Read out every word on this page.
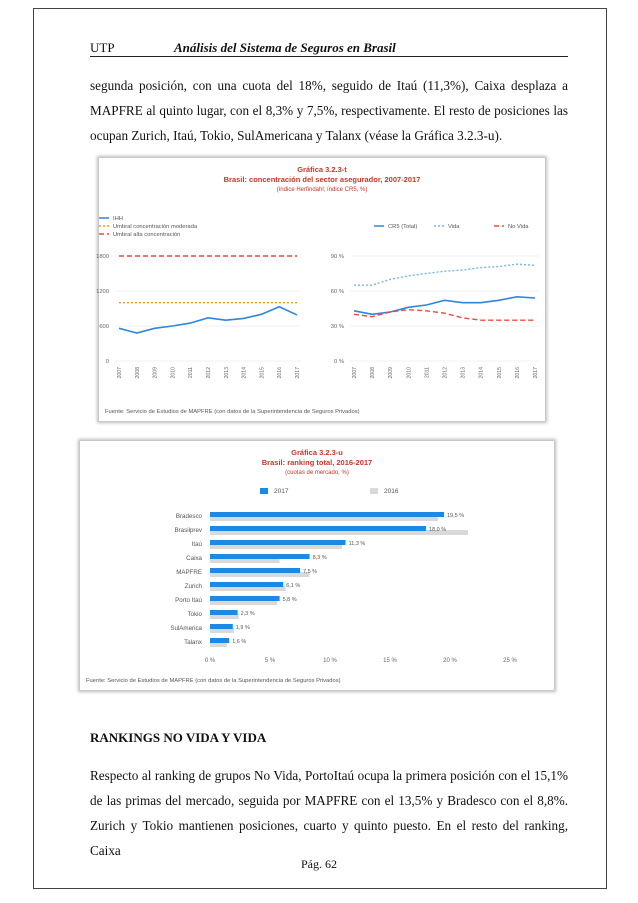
UTP	Análisis del Sistema de Seguros en Brasil
segunda posición, con una cuota del 18%, seguido de Itaú (11,3%), Caixa desplaza a
MAPFRE al quinto lugar, con el 8,3% y 7,5%, respectivamente. El resto de posiciones las
ocupan Zurich, Itaú, Tokio, SulAmericana y Talanx (véase la Gráfica 3.2.3-u).
Gráfica 3.2.3-t
Brasil: concentración del sector asegurador, 2007-2017
(índice Herfindahl; índice CR5, %)
0
600
1200
1800
2007 2008 2009 2010 2011 2012 2013 2014 2015 2016 2017
IHH
Umbral concentración moderada
Umbral alta concentración
0 %
30 %
60 %
90 %
2007 2008 2009 2010 2011 2012 2013 2014 2015 2016 2017
CR5 (Total)	Vida	No Vida
Fuente: Servicio de Estudios de MAPFRE (con datos de la Superintendencia de Seguros Privados)
Gráfica 3.2.3-u
Brasil: ranking total, 2016-2017
(cuotas de mercado, %)
2017	2016
0 %	5 %	10 %	15 %	20 %	25 %
Bradesco	19,5 %
Brasilprev	18,0 %
Itaú	11,3 %
Caixa	8,3 %
MAPFRE	7,5 %
Zurich	6,1 %
Porto Itaú	5,8 %
Tokio	2,3 %
SulAmerica	1,9 %
Talanx	1,6 %
Fuente: Servicio de Estudios de MAPFRE (con datos de la Superintendencia de Seguros Privados)
RANKINGS NO VIDA Y VIDA
Respecto al ranking de grupos No Vida, PortoItaú ocupa la primera posición con el 15,1%
de las primas del mercado, seguida por MAPFRE con el 13,5% y Bradesco con el 8,8%.
Zurich y Tokio mantienen posiciones, cuarto y quinto puesto. En el resto del ranking, Caixa
Pág. 62
